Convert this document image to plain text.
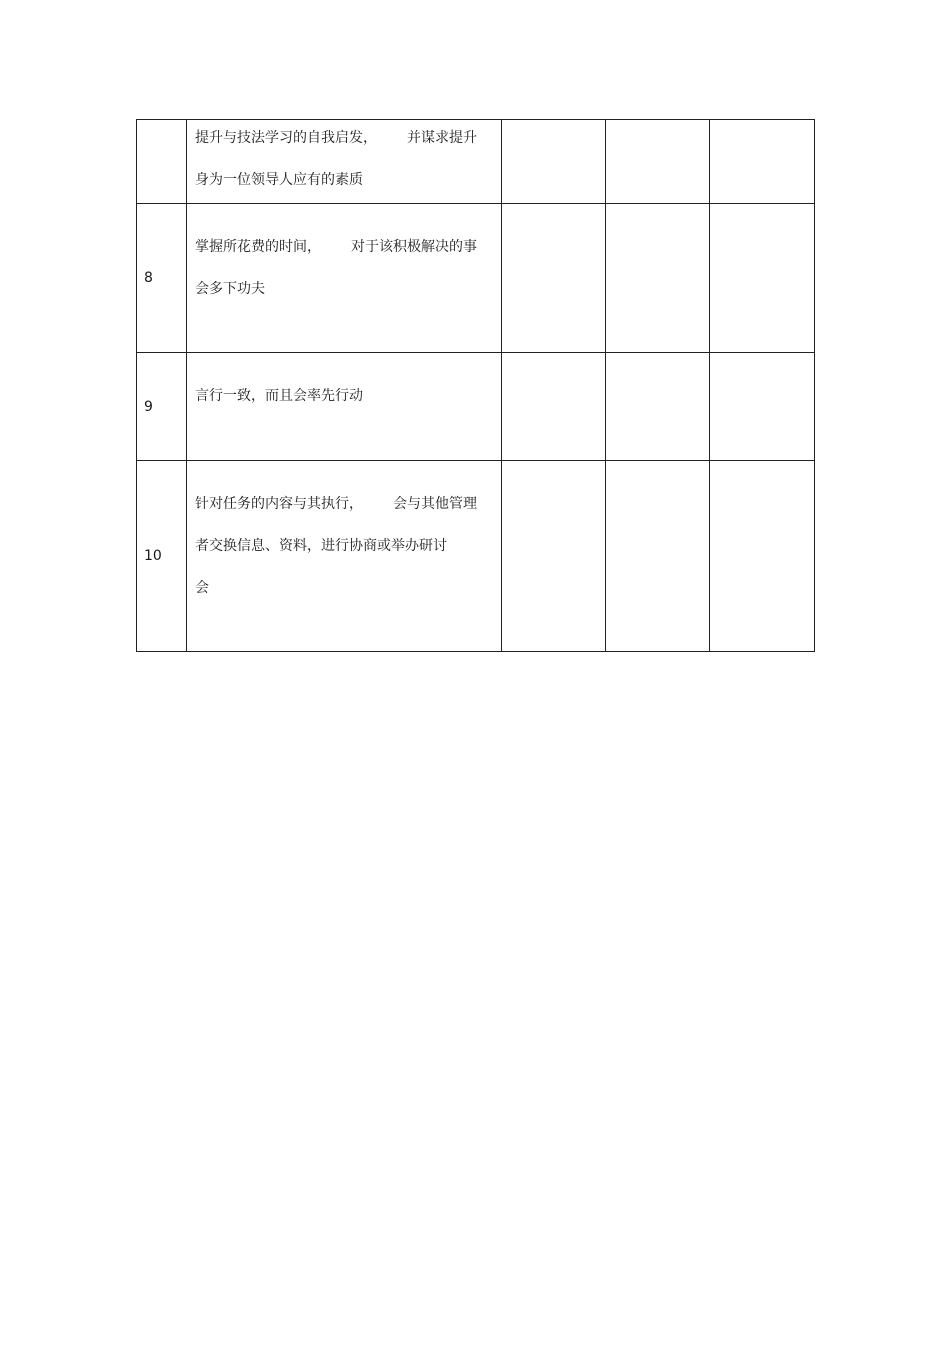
	提升与技法学习的自我启发， 并谋求提升
身为一位领导人应有的素质			

8	掌握所花费的时间， 对于该积极解决的事
会多下功夫			

9	言行一致，而且会率先行动			

10	针对任务的内容与其执行， 会与其他管理
者交换信息、资料，进行协商或举办研讨
会			
